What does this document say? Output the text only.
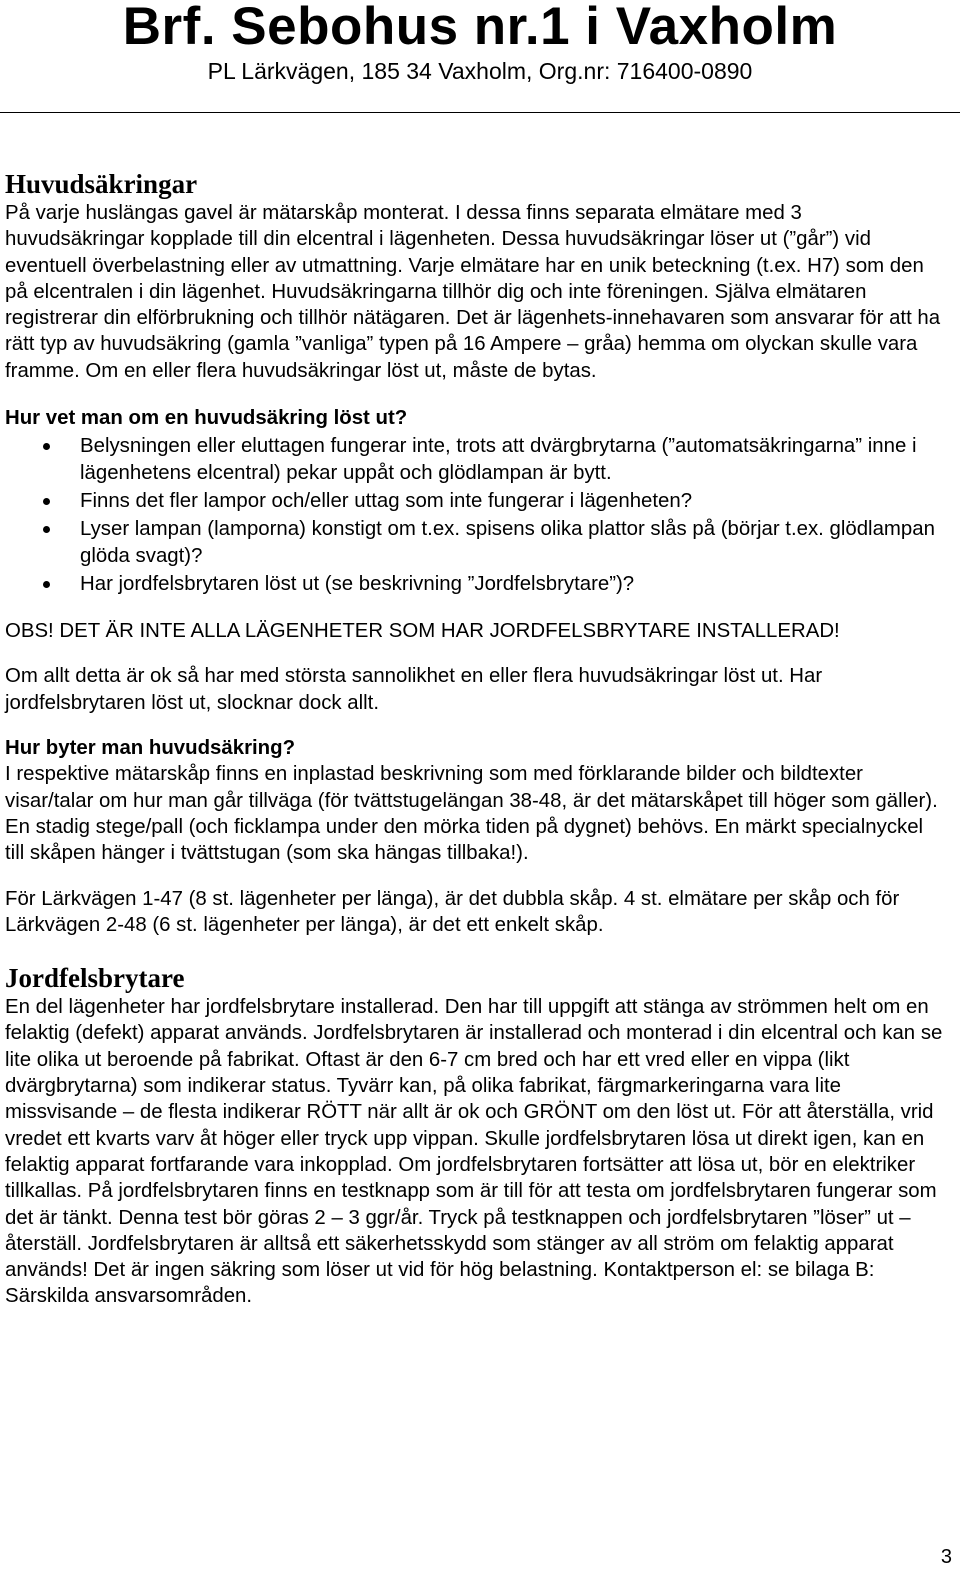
Brf. Sebohus nr.1 i Vaxholm

PL Lärkvägen, 185 34 Vaxholm, Org.nr: 716400-0890

Huvudsäkringar

På varje huslängas gavel är mätarskåp monterat. I dessa finns separata elmätare med 3 huvudsäkringar kopplade till din elcentral i lägenheten. Dessa huvudsäkringar löser ut (”går”) vid eventuell överbelastning eller av utmattning. Varje elmätare har en unik beteckning (t.ex. H7) som den på elcentralen i din lägenhet. Huvudsäkringarna tillhör dig och inte föreningen. Själva elmätaren registrerar din elförbrukning och tillhör nätägaren. Det är lägenhets-innehavaren som ansvarar för att ha rätt typ av huvudsäkring (gamla ”vanliga” typen på 16 Ampere – gråa) hemma om olyckan skulle vara framme. Om en eller flera huvudsäkringar löst ut, måste de bytas.

Hur vet man om en huvudsäkring löst ut?

Belysningen eller eluttagen fungerar inte, trots att dvärgbrytarna (”automatsäkringarna” inne i lägenhetens elcentral) pekar uppåt och glödlampan är bytt.
Finns det fler lampor och/eller uttag som inte fungerar i lägenheten?
Lyser lampan (lamporna) konstigt om t.ex. spisens olika plattor slås på (börjar t.ex. glödlampan glöda svagt)?
Har jordfelsbrytaren löst ut (se beskrivning ”Jordfelsbrytare”)?

OBS! DET ÄR INTE ALLA LÄGENHETER SOM HAR JORDFELSBRYTARE INSTALLERAD!

Om allt detta är ok så har med största sannolikhet en eller flera huvudsäkringar löst ut. Har jordfelsbrytaren löst ut, slocknar dock allt.

Hur byter man huvudsäkring?

I respektive mätarskåp finns en inplastad beskrivning som med förklarande bilder och bildtexter visar/talar om hur man går tillväga (för tvättstugelängan 38-48, är det mätarskåpet till höger som gäller). En stadig stege/pall (och ficklampa under den mörka tiden på dygnet) behövs. En märkt specialnyckel till skåpen hänger i tvättstugan (som ska hängas tillbaka!).

För Lärkvägen 1-47 (8 st. lägenheter per länga), är det dubbla skåp. 4 st. elmätare per skåp och för Lärkvägen 2-48 (6 st. lägenheter per länga), är det ett enkelt skåp.

Jordfelsbrytare

En del lägenheter har jordfelsbrytare installerad. Den har till uppgift att stänga av strömmen helt om en felaktig (defekt) apparat används. Jordfelsbrytaren är installerad och monterad i din elcentral och kan se lite olika ut beroende på fabrikat. Oftast är den 6-7 cm bred och har ett vred eller en vippa (likt dvärgbrytarna) som indikerar status. Tyvärr kan, på olika fabrikat, färgmarkeringarna vara lite missvisande – de flesta indikerar RÖTT när allt är ok och GRÖNT om den löst ut. För att återställa, vrid vredet ett kvarts varv åt höger eller tryck upp vippan. Skulle jordfelsbrytaren lösa ut direkt igen, kan en felaktig apparat fortfarande vara inkopplad. Om jordfelsbrytaren fortsätter att lösa ut, bör en elektriker tillkallas. På jordfelsbrytaren finns en testknapp som är till för att testa om jordfelsbrytaren fungerar som det är tänkt. Denna test bör göras 2 – 3 ggr/år. Tryck på testknappen och jordfelsbrytaren ”löser” ut – återställ. Jordfelsbrytaren är alltså ett säkerhetsskydd som stänger av all ström om felaktig apparat används! Det är ingen säkring som löser ut vid för hög belastning. Kontaktperson el: se bilaga B: Särskilda ansvarsområden.

3
